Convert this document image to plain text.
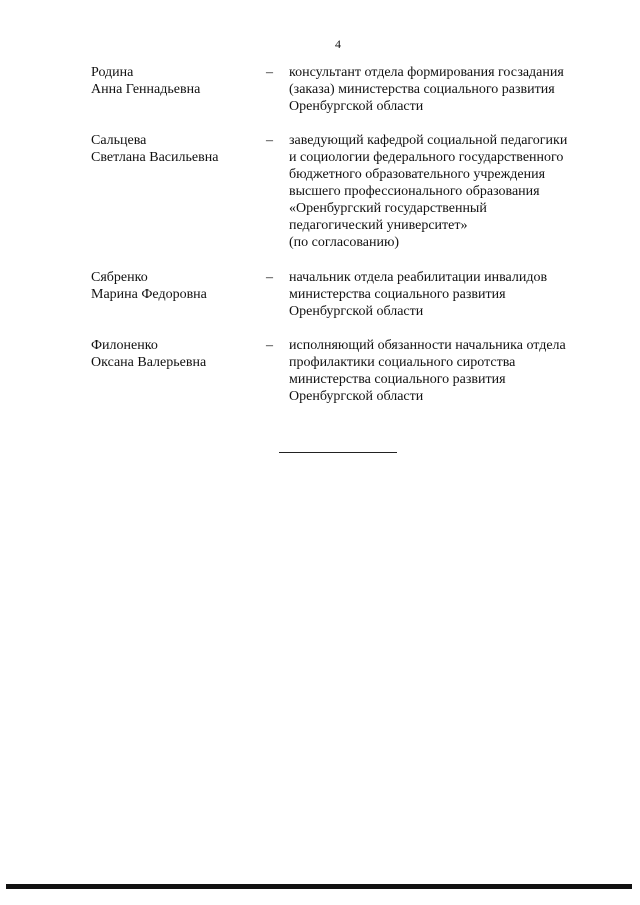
4
Родина
Анна Геннадьевна
– консультант отдела формирования госзадания
(заказа) министерства социального развития
Оренбургской области
Сальцева
Светлана Васильевна
– заведующий кафедрой социальной педагогики
и социологии федерального государственного
бюджетного образовательного учреждения
высшего профессионального образования
«Оренбургский государственный
педагогический университет»
(по согласованию)
Сябренко
Марина Федоровна
– начальник отдела реабилитации инвалидов
министерства социального развития
Оренбургской области
Филоненко
Оксана Валерьевна
– исполняющий обязанности начальника отдела
профилактики социального сиротства
министерства социального развития
Оренбургской области
